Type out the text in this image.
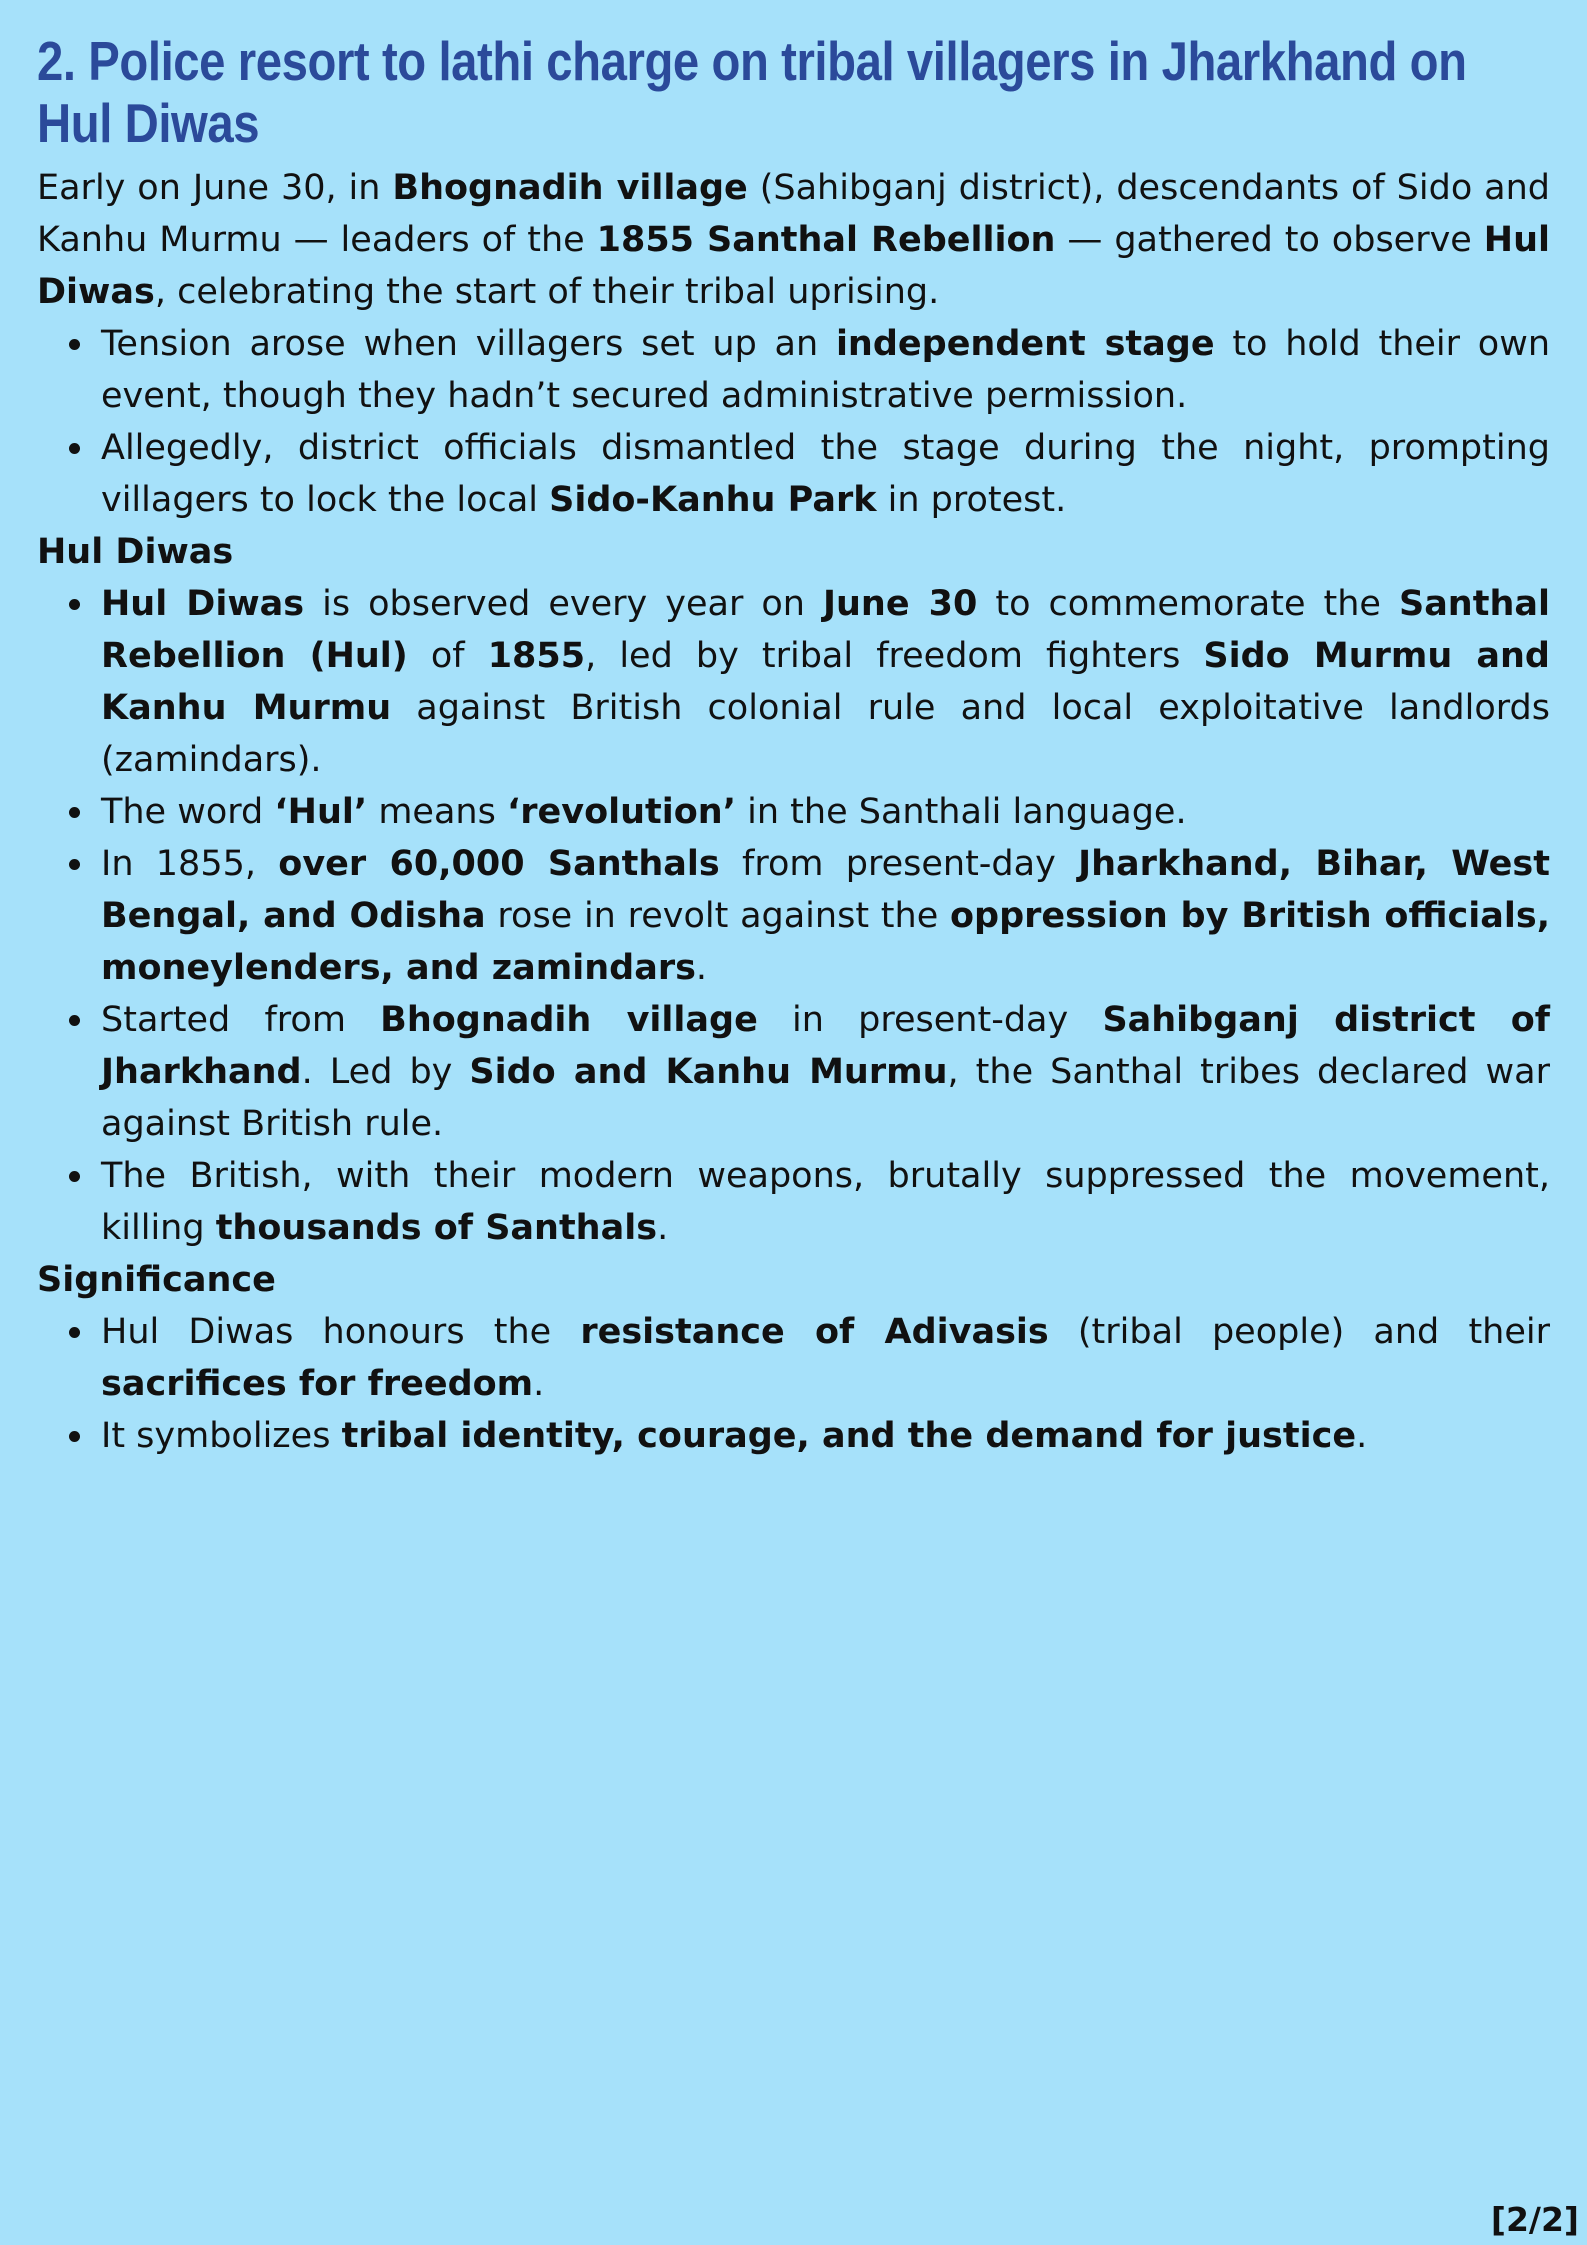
2. Police resort to lathi charge on tribal villagers in Jharkhand on Hul Diwas

Early on June 30, in Bhognadih village (Sahibganj district), descendants of Sido and Kanhu Murmu — leaders of the 1855 Santhal Rebellion — gathered to observe Hul Diwas, celebrating the start of their tribal uprising.

Tension arose when villagers set up an independent stage to hold their own event, though they hadn’t secured administrative permission.
Allegedly, district officials dismantled the stage during the night, prompting villagers to lock the local Sido-Kanhu Park in protest.
Hul Diwas
Hul Diwas is observed every year on June 30 to commemorate the Santhal Rebellion (Hul) of 1855, led by tribal freedom fighters Sido Murmu and Kanhu Murmu against British colonial rule and local exploitative landlords (zamindars).
The word ‘Hul’ means ‘revolution’ in the Santhali language.
In 1855, over 60,000 Santhals from present-day Jharkhand, Bihar, West Bengal, and Odisha rose in revolt against the oppression by British officials, moneylenders, and zamindars.
Started from Bhognadih village in present-day Sahibganj district of Jharkhand. Led by Sido and Kanhu Murmu, the Santhal tribes declared war against British rule.
The British, with their modern weapons, brutally suppressed the movement, killing thousands of Santhals.
Significance
Hul Diwas honours the resistance of Adivasis (tribal people) and their sacrifices for freedom.
It symbolizes tribal identity, courage, and the demand for justice.
[2/2]
